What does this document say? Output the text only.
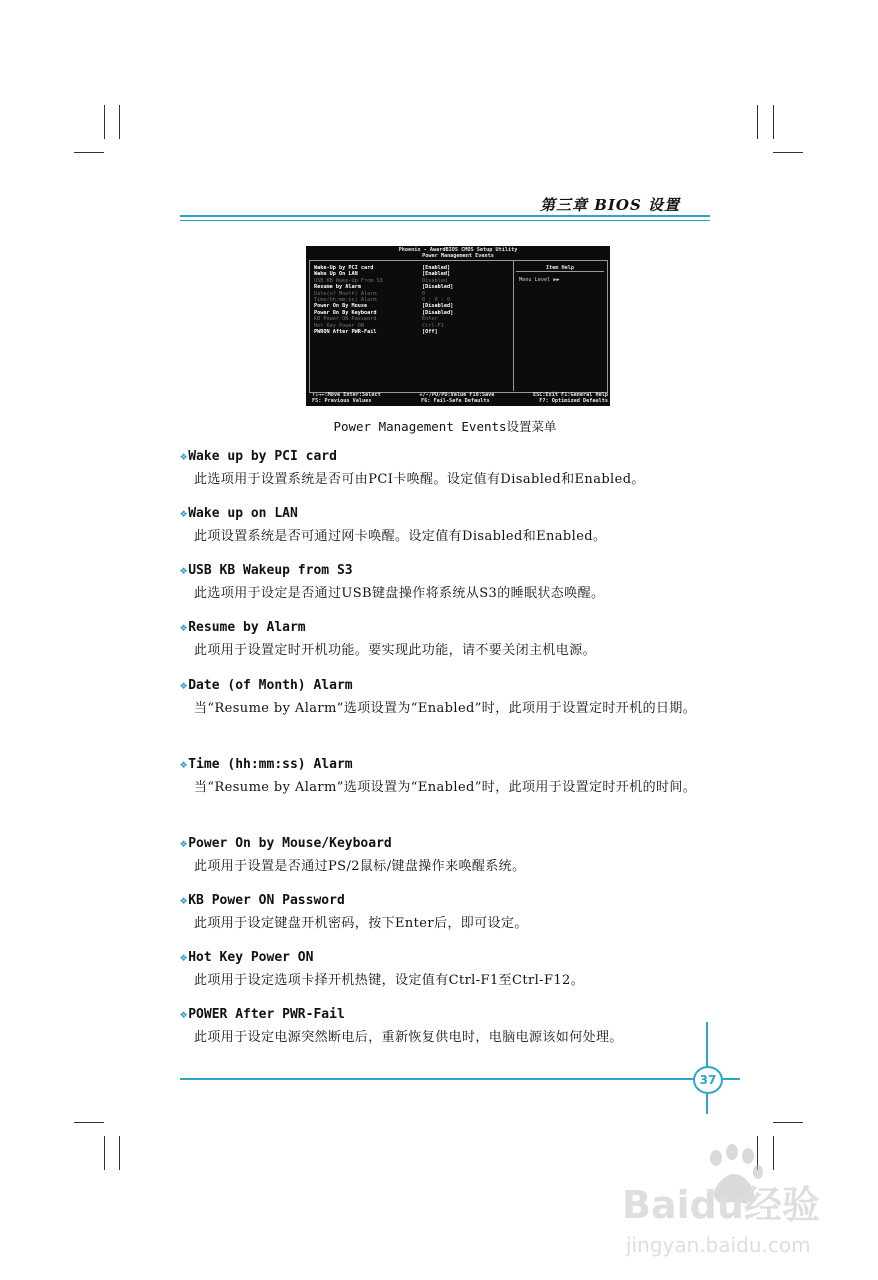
第三章 BIOS 设置
Phoenix - AwardBIOS CMOS Setup Utility
Power Management Events
Wake-Up by PCI card	[Enabled]
Wake Up On LAN	[Enabled]
USB KB Wake-Up From S3	Disabled
Resume by Alarm	[Disabled]
Date(of Month) Alarm	0
Time(hh:mm:ss) Alarm	0 : 0 : 0
Power On By Mouse	[Disabled]
Power On By Keyboard	[Disabled]
KB Power ON Password	Enter
Hot Key Power ON	Ctrl-F1
PWRON After PWR-Fail	[Off]
Item Help
Menu Level ▶▶
↑↓→←:Move Enter:Select	+/-/PU/PD:Value F10:Save	ESC:Exit F1:General Help
F5: Previous Values	F6: Fail-Safe Defaults	F7: Optimized Defaults
Power Management Events设置菜单
❖Wake up by PCI card
此选项用于设置系统是否可由PCI卡唤醒。设定值有Disabled和Enabled。
❖Wake up on LAN
此项设置系统是否可通过网卡唤醒。设定值有Disabled和Enabled。
❖USB KB Wakeup from S3
此选项用于设定是否通过USB键盘操作将系统从S3的睡眠状态唤醒。
❖Resume by Alarm
此项用于设置定时开机功能。要实现此功能，请不要关闭主机电源。
❖Date (of Month) Alarm
当“Resume by Alarm”选项设置为“Enabled”时，此项用于设置定时开机的日期。
❖Time (hh:mm:ss) Alarm
当“Resume by Alarm”选项设置为“Enabled”时，此项用于设置定时开机的时间。
❖Power On by Mouse/Keyboard
此项用于设置是否通过PS/2鼠标/键盘操作来唤醒系统。
❖KB Power ON Password
此项用于设定键盘开机密码，按下Enter后，即可设定。
❖Hot Key Power ON
此项用于设定选项卡择开机热键，设定值有Ctrl-F1至Ctrl-F12。
❖POWER After PWR-Fail
此项用于设定电源突然断电后，重新恢复供电时，电脑电源该如何处理。
37
Baidu经验
jingyan.baidu.com
